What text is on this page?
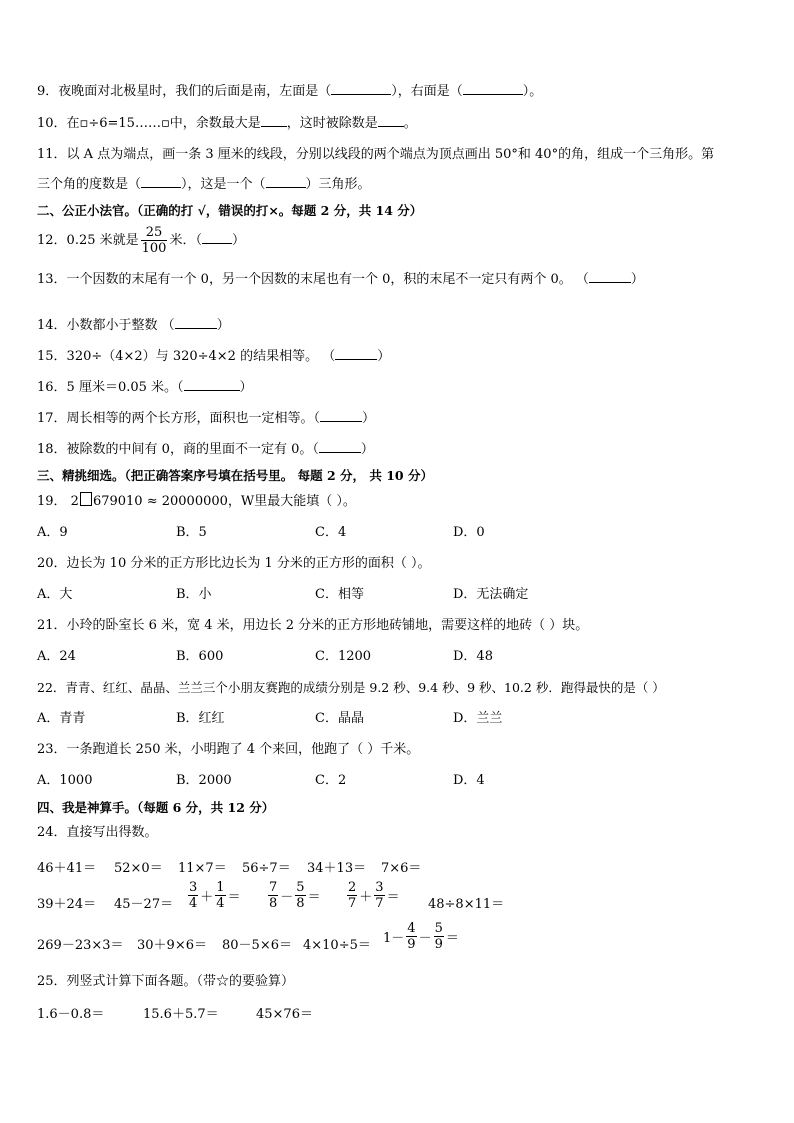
9．夜晚面对北极星时，我们的后面是南，左面是（	），右面是（	）。
10．在▫÷6=15……▫中，余数最大是 ，这时被除数是 。
11．以 A 点为端点，画一条 3 厘米的线段，分别以线段的两个端点为顶点画出 50°和 40°的角，组成一个三角形。第
三个角的度数是（	），这是一个（	）三角形。
二、公正小法官。（正确的打 √，错误的打×。每题 2 分，共 14 分）
12．0.25 米就是 $\frac{25}{100}$ 米．（ ）
13．一个因数的末尾有一个 0，另一个因数的末尾也有一个 0，积的末尾不一定只有两个 0。 （	）
14．小数都小于整数 （	）
15．320÷（4×2）与 320÷4×2 的结果相等。 （	）
16．5 厘米＝0.05 米。（	）
17．周长相等的两个长方形，面积也一定相等。（	）
18．被除数的中间有 0，商的里面不一定有 0。（	）
三、精挑细选。（把正确答案序号填在括号里。 每题 2 分， 共 10 分）
19． 2 679010 ≈ 20000000，W里最大能填（ ）。
A．9	B．5	C．4	D．0
20．边长为 10 分米的正方形比边长为 1 分米的正方形的面积（ ）。
A．大	B．小	C．相等	D．无法确定
21．小玲的卧室长 6 米，宽 4 米，用边长 2 分米的正方形地砖铺地，需要这样的地砖（ ）块。
A．24	B．600	C．1200	D．48
22．青青、红红、晶晶、兰兰三个小朋友赛跑的成绩分别是 9.2 秒、9.4 秒、9 秒、10.2 秒．跑得最快的是（ ）
A．青青	B．红红	C．晶晶	D．兰兰
23．一条跑道长 250 米，小明跑了 4 个来回，他跑了（ ）千米。
A．1000	B．2000	C．2	D．4
四、我是神算手。（每题 6 分，共 12 分）
24．直接写出得数。
46＋41＝ 52×0＝ 11×7＝ 56÷7＝ 34＋13＝ 7×6＝
$39+24= 45-27= \frac{3}{4} + \frac{1}{4} = \frac{7}{8} - \frac{5}{8} = \frac{2}{7} + \frac{3}{7} = 48\div 8\times 11=$
$269-23\times 3= 30+9\times 6= 80-5\times 6= 4\times 10\div 5= 1- \frac{4}{9} - \frac{5}{9}$ ＝
25．列竖式计算下面各题。（带☆的要验算）
1.6－0.8＝	15.6＋5.7＝	45×76＝
